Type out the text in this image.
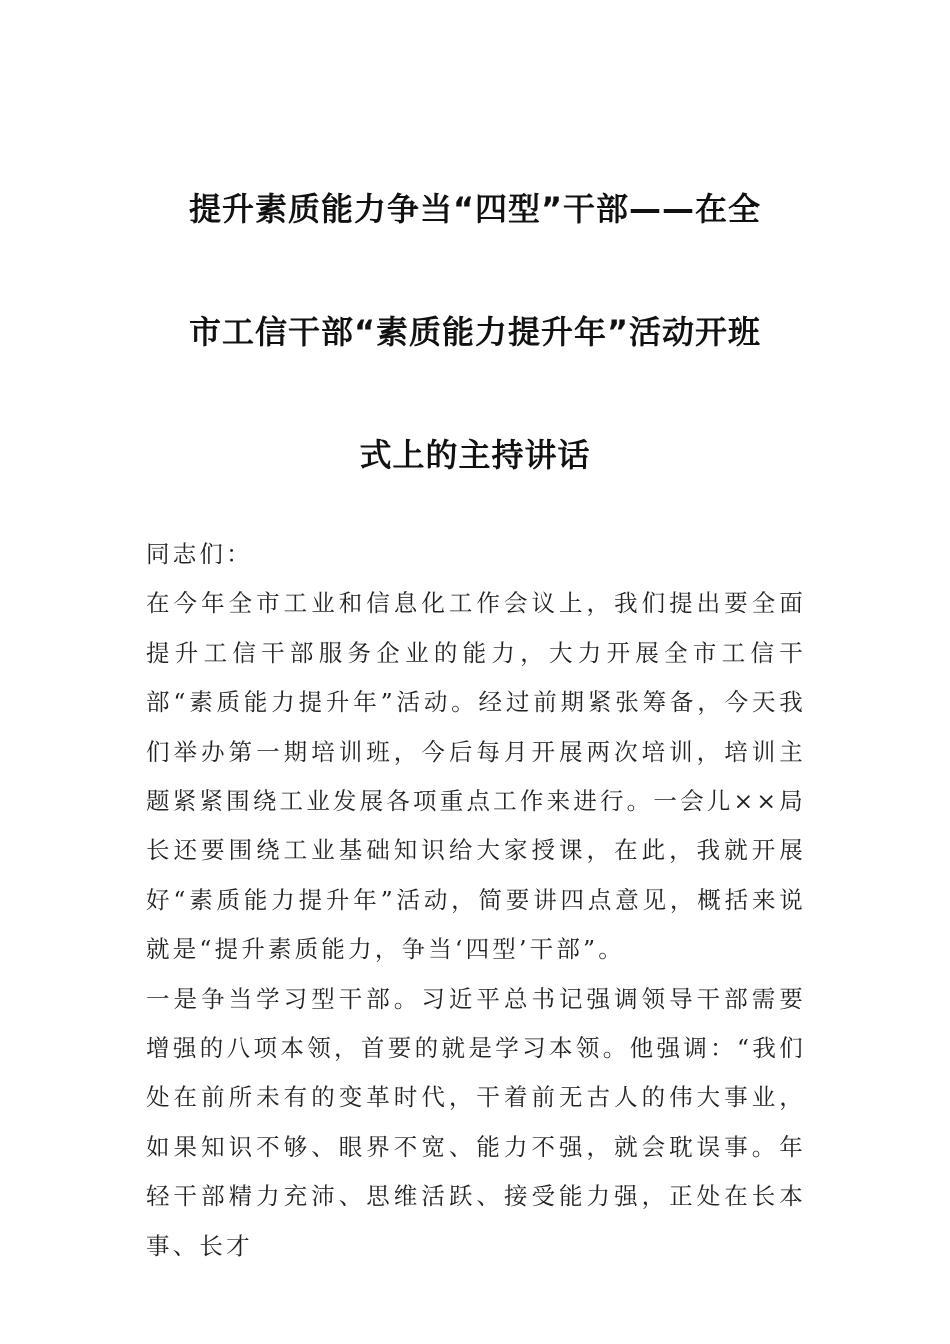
提升素质能力争当“四型”干部——在全
市工信干部“素质能力提升年”活动开班
式上的主持讲话

同志们：

在今年全市工业和信息化工作会议上，我们提出要全面提升工信干部服务企业的能力，大力开展全市工信干部“素质能力提升年”活动。经过前期紧张筹备，今天我们举办第一期培训班，今后每月开展两次培训，培训主题紧紧围绕工业发展各项重点工作来进行。一会儿××局长还要围绕工业基础知识给大家授课，在此，我就开展好“素质能力提升年”活动，简要讲四点意见，概括来说就是“提升素质能力，争当‘四型’干部”。

一是争当学习型干部。习近平总书记强调领导干部需要增强的八项本领，首要的就是学习本领。他强调：“我们处在前所未有的变革时代，干着前无古人的伟大事业，如果知识不够、眼界不宽、能力不强，就会耽误事。年轻干部精力充沛、思维活跃、接受能力强，正处在长本事、长才
